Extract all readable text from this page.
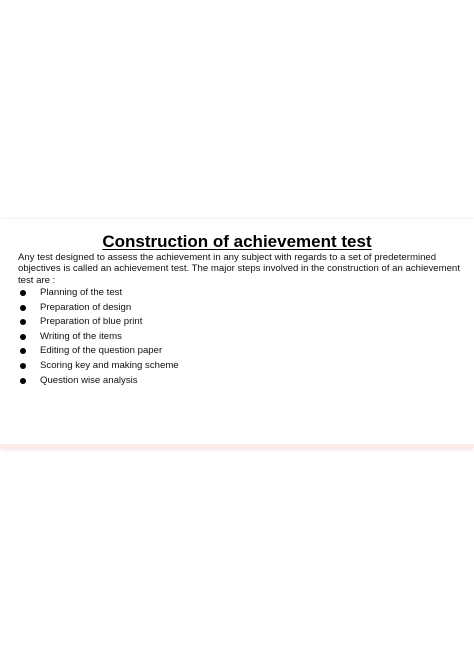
Construction of achievement test

Any test designed to assess the achievement in any subject with regards to a set of predetermined objectives is called an achievement test. The major steps involved in the construction of an achievement test are :

Planning of the test
Preparation of design
Preparation of blue print
Writing of the items
Editing of the question paper
Scoring key and making scheme
Question wise analysis
